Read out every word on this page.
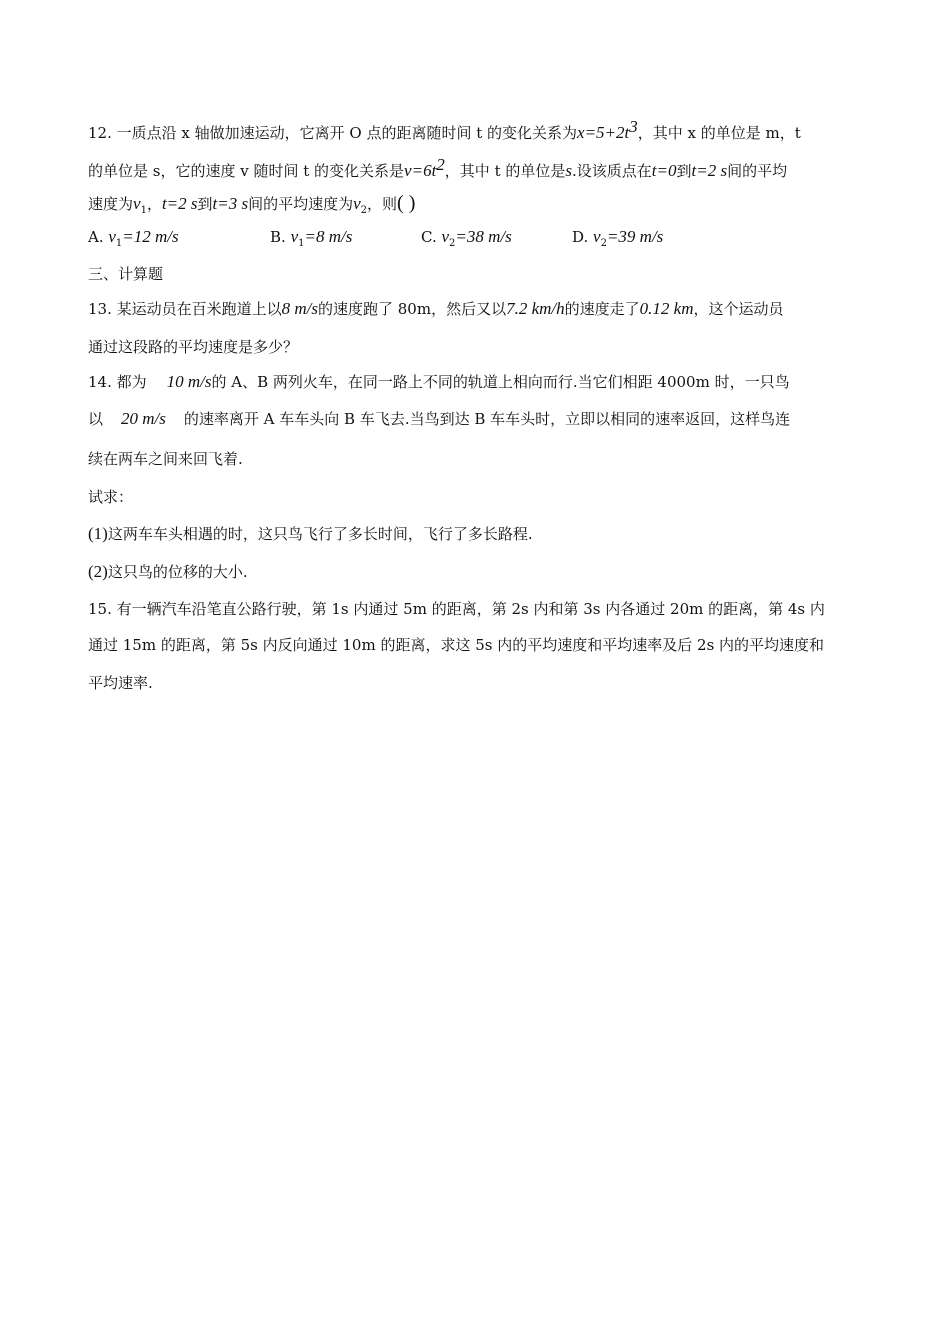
12. 一质点沿 x 轴做加速运动，它离开 O 点的距离随时间 t 的变化关系为$x=5+2t^3$，其中 x 的单位是 m，t
的单位是 s，它的速度 v 随时间 t 的变化关系是$v=6t^2$，其中 t 的单位是s.设该质点在t=0到t=2 s间的平均
速度为$v_1$，t=2 s到t=3 s间的平均速度为$v_2$，则( )
A. $v_1=12$ m/s	B. $v_1=8$ m/s	C. $v_2=38$ m/s	D. $v_2=39$ m/s
三、计算题
13. 某运动员在百米跑道上以8 m/s的速度跑了 80m，然后又以7.2 km/h的速度走了0.12 km，这个运动员
通过这段路的平均速度是多少？
14. 都为 10 m/s的 A、B 两列火车，在同一路上不同的轨道上相向而行.当它们相距 4000m 时，一只鸟
以 20 m/s 的速率离开 A 车车头向 B 车飞去.当鸟到达 B 车车头时，立即以相同的速率返回，这样鸟连
续在两车之间来回飞着.
试求：
(1)这两车车头相遇的时，这只鸟飞行了多长时间，飞行了多长路程.
(2)这只鸟的位移的大小.
15. 有一辆汽车沿笔直公路行驶，第 1s 内通过 5m 的距离，第 2s 内和第 3s 内各通过 20m 的距离，第 4s 内
通过 15m 的距离，第 5s 内反向通过 10m 的距离，求这 5s 内的平均速度和平均速率及后 2s 内的平均速度和
平均速率.
